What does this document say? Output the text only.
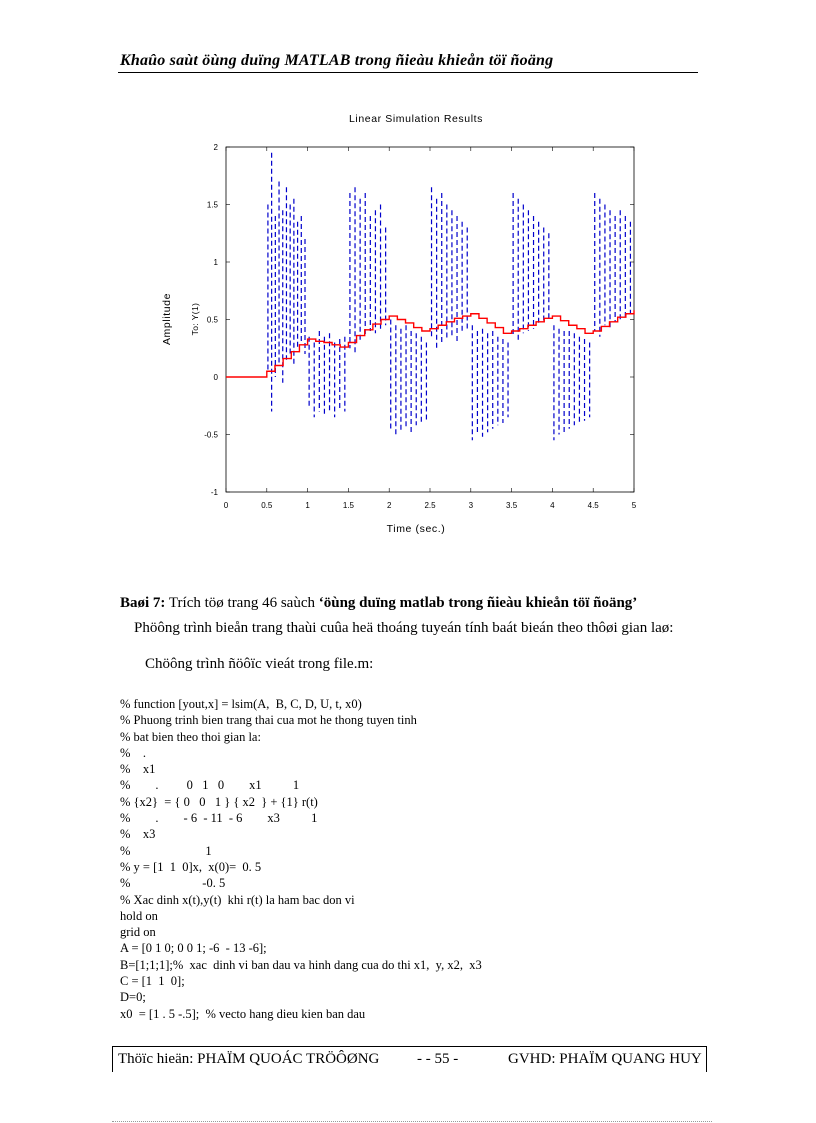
Khaûo saùt öùng duïng MATLAB trong ñieàu khieån töï ñoäng
Linear Simulation Results
0	0.5	1	1.5	2	2.5	3	3.5	4	4.5	5
-1
-0.5
0
0.5
1
1.5
2
Amplitude To: Y(1)
Time (sec.)
Baøi 7: Trích töø trang 46 saùch ‘öùng duïng matlab trong ñieàu khieån töï ñoäng’
Phöông trình bieån trang thaùi cuûa heä thoáng tuyeán tính baát bieán theo thôøi gian laø:
Chöông trình ñöôïc vieát trong file.m:
% function [yout,x] = lsim(A,  B, C, D, U, t, x0)
% Phuong trinh bien trang thai cua mot he thong tuyen tinh
% bat bien theo thoi gian la:
%    .
%    x1
%        .         0   1   0        x1          1
% {x2}  = { 0   0   1 } { x2  } + {1} r(t)
%        .        - 6  - 11  - 6        x3          1
%    x3
%                        1
% y = [1  1  0]x,  x(0)=  0. 5
%                       -0. 5
% Xac dinh x(t),y(t)  khi r(t) la ham bac don vi
hold on
grid on
A = [0 1 0; 0 0 1; -6  - 13 -6];
B=[1;1;1];%  xac  dinh vi ban dau va hinh dang cua do thi x1,  y, x2,  x3
C = [1  1  0];
D=0;
x0  = [1 . 5 -.5];  % vecto hang dieu kien ban dau
Thöïc hieän: PHAÏM QUOÁC TRÖÔØNG	- - 55 -	GVHD: PHAÏM QUANG HUY
